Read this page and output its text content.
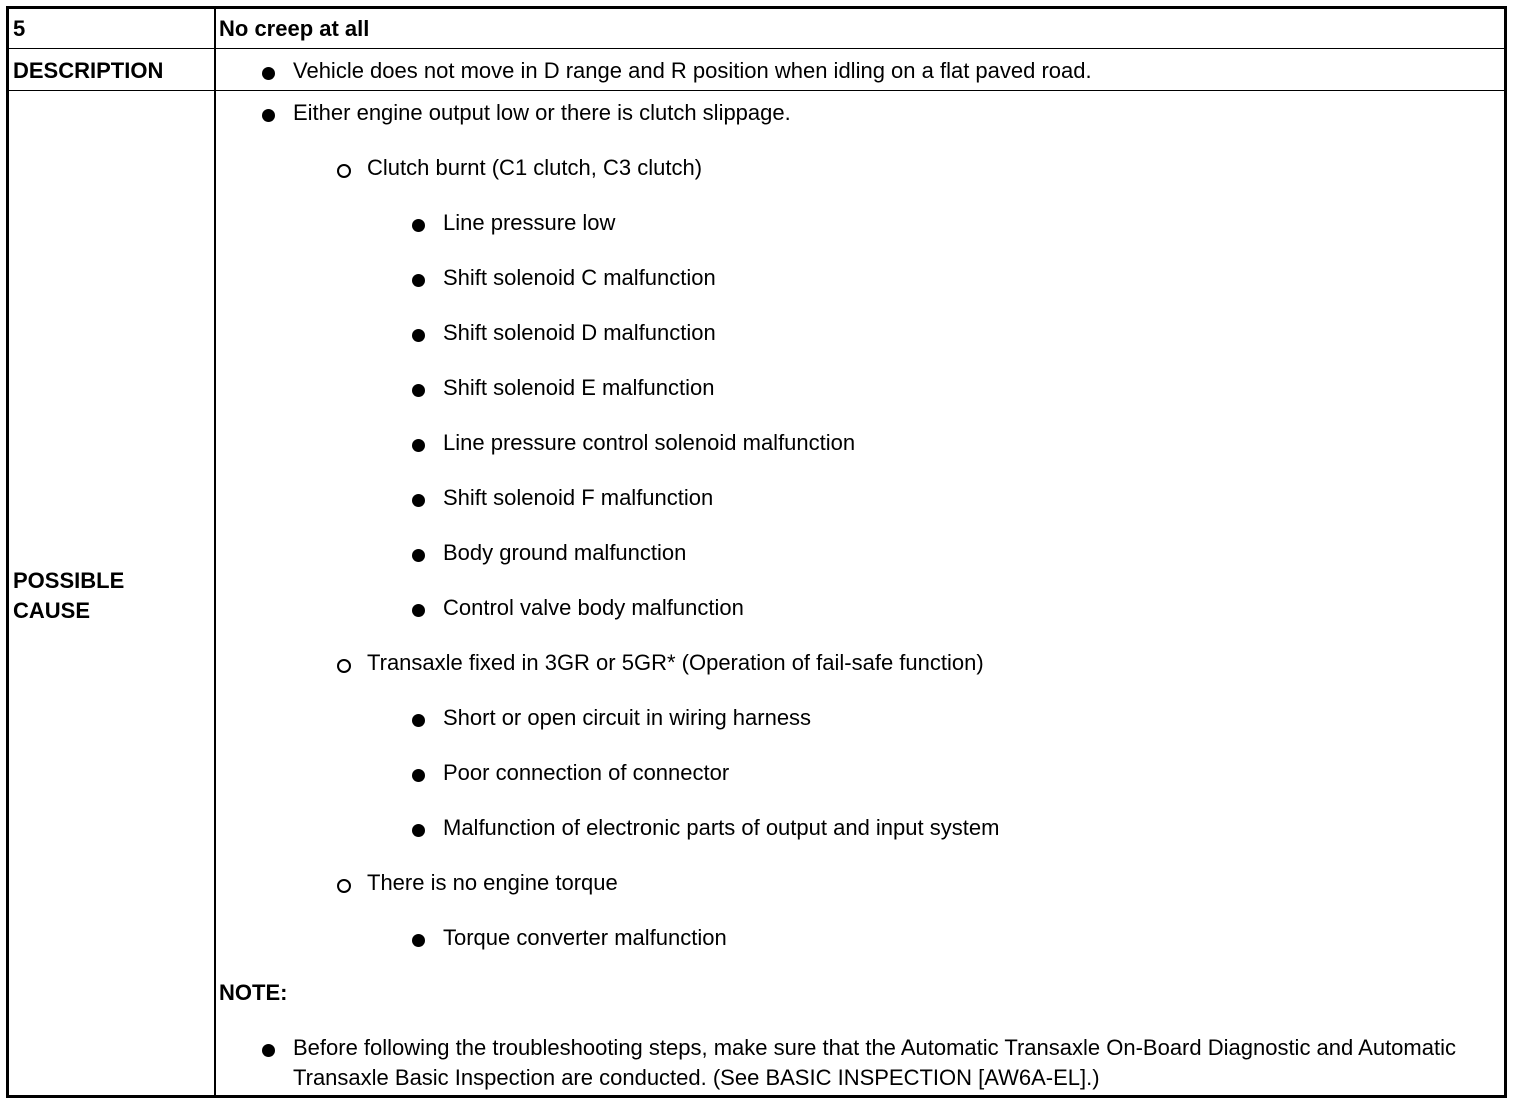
5	No creep at all
DESCRIPTION	Vehicle does not move in D range and R position when idling on a flat paved road.
POSSIBLE
CAUSE
Either engine output low or there is clutch slippage.
Clutch burnt (C1 clutch, C3 clutch)
Line pressure low
Shift solenoid C malfunction
Shift solenoid D malfunction
Shift solenoid E malfunction
Line pressure control solenoid malfunction
Shift solenoid F malfunction
Body ground malfunction
Control valve body malfunction
Transaxle fixed in 3GR or 5GR* (Operation of fail-safe function)
Short or open circuit in wiring harness
Poor connection of connector
Malfunction of electronic parts of output and input system
There is no engine torque
Torque converter malfunction
NOTE:
Before following the troubleshooting steps, make sure that the Automatic Transaxle On-Board Diagnostic and Automatic Transaxle Basic Inspection are conducted. (See BASIC INSPECTION [AW6A-EL].)
